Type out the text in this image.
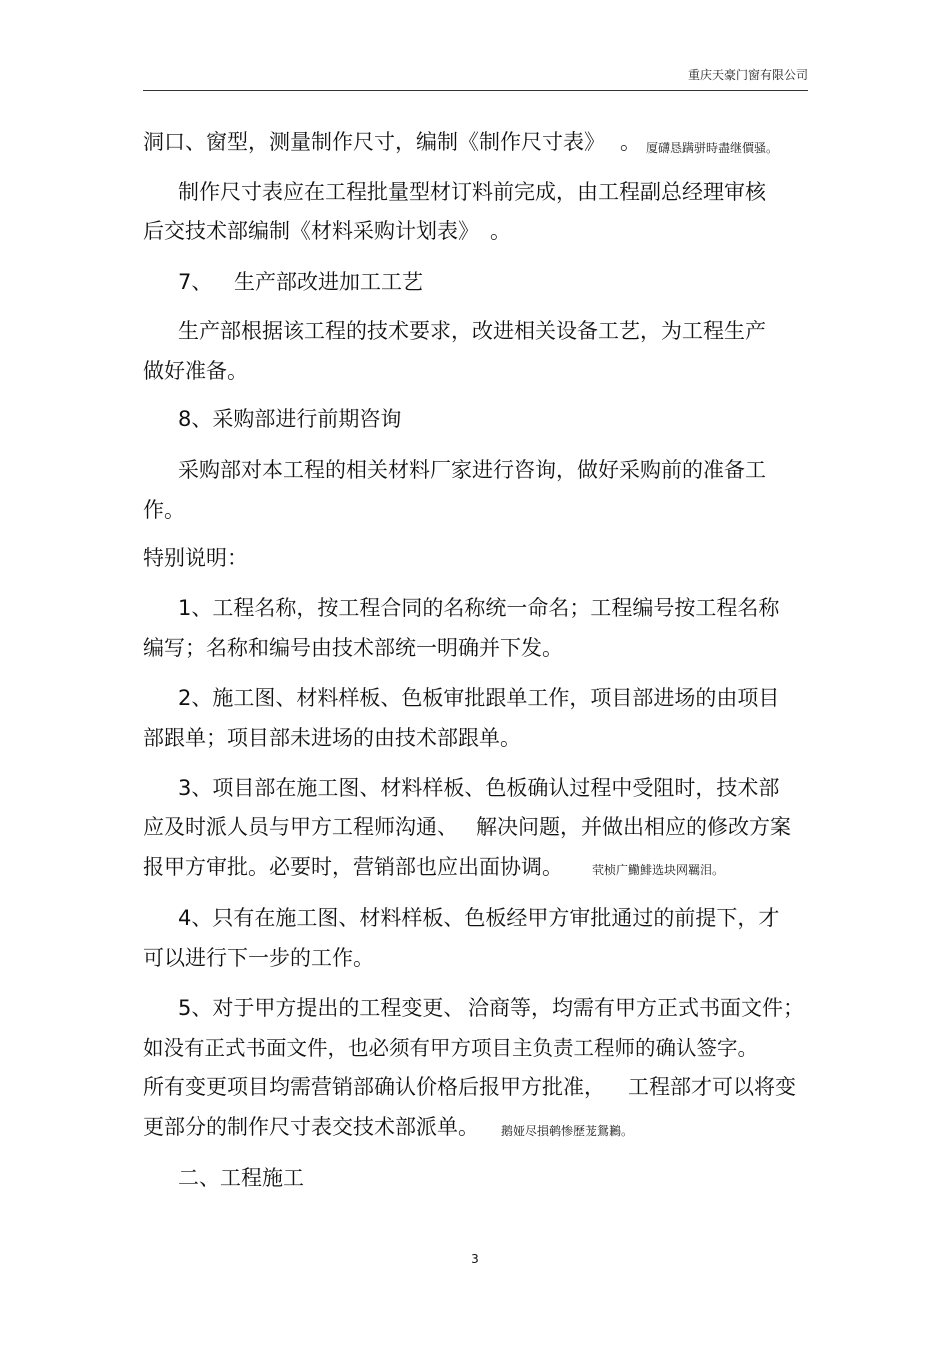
重庆天豪门窗有限公司
洞口、窗型，测量制作尺寸，编制《制作尺寸表》 。 厦礴恳蹒骈時盡继價骚。
制作尺寸表应在工程批量型材订料前完成，由工程副总经理审核
后交技术部编制《材料采购计划表》 。
7、 生产部改进加工工艺
生产部根据该工程的技术要求，改进相关设备工艺，为工程生产
做好准备。
8、采购部进行前期咨询
采购部对本工程的相关材料厂家进行咨询，做好采购前的准备工
作。
特别说明：
1、工程名称，按工程合同的名称统一命名；工程编号按工程名称
编写；名称和编号由技术部统一明确并下发。
2、施工图、材料样板、色板审批跟单工作，项目部进场的由项目
部跟单；项目部未进场的由技术部跟单。
3、项目部在施工图、材料样板、色板确认过程中受阻时，技术部
应及时派人员与甲方工程师沟通、 解决问题，并做出相应的修改方案
报甲方审批。必要时，营销部也应出面协调。 茕桢广鰳鯡选块网羈泪。
4、只有在施工图、材料样板、色板经甲方审批通过的前提下，才
可以进行下一步的工作。
5、对于甲方提出的工程变更、 洽商等，均需有甲方正式书面文件；
如没有正式书面文件，也必须有甲方项目主负责工程师的确认签字。
所有变更项目均需营销部确认价格后报甲方批准， 工程部才可以将变
更部分的制作尺寸表交技术部派单。 鹅娅尽損鹌惨歷茏鴛鶼。
二、工程施工
3
